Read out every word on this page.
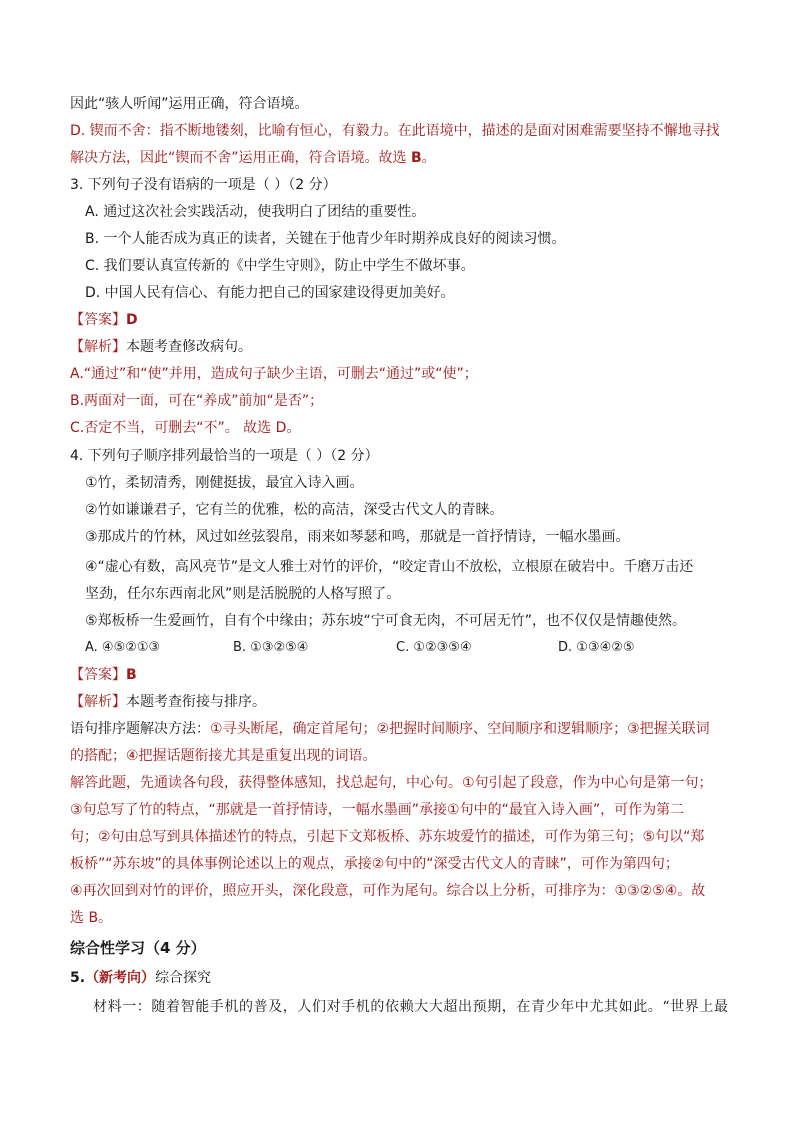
因此“骇人听闻”运用正确，符合语境。
D. 锲而不舍：指不断地镂刻，比喻有恒心，有毅力。在此语境中，描述的是面对困难需要坚持不懈地寻找
解决方法，因此“锲而不舍”运用正确，符合语境。故选 B。
3. 下列句子没有语病的一项是（ ）（2 分）
A. 通过这次社会实践活动，使我明白了团结的重要性。
B. 一个人能否成为真正的读者，关键在于他青少年时期养成良好的阅读习惯。
C. 我们要认真宣传新的《中学生守则》，防止中学生不做坏事。
D. 中国人民有信心、有能力把自己的国家建设得更加美好。
【答案】D
【解析】本题考查修改病句。
A.“通过”和“使”并用，造成句子缺少主语，可删去“通过”或“使”；
B.两面对一面，可在“养成”前加“是否”；
C.否定不当，可删去“不”。 故选 D。
4. 下列句子顺序排列最恰当的一项是（ ）（2 分）
①竹，柔韧清秀，刚健挺拔，最宜入诗入画。
②竹如谦谦君子，它有兰的优雅，松的高洁，深受古代文人的青睐。
③那成片的竹林，风过如丝弦裂帛，雨来如琴瑟和鸣，那就是一首抒情诗，一幅水墨画。
④“虚心有数，高风亮节”是文人雅士对竹的评价，“咬定青山不放松，立根原在破岩中。千磨万击还
坚劲，任尔东西南北风”则是活脱脱的人格写照了。
⑤郑板桥一生爱画竹，自有个中缘由；苏东坡“宁可食无肉，不可居无竹”，也不仅仅是情趣使然。
A. ④⑤②①③	B. ①③②⑤④	C. ①②③⑤④	D. ①③④②⑤
【答案】B
【解析】本题考查衔接与排序。
语句排序题解决方法：①寻头断尾，确定首尾句；②把握时间顺序、空间顺序和逻辑顺序；③把握关联词
的搭配；④把握话题衔接尤其是重复出现的词语。
解答此题，先通读各句段，获得整体感知，找总起句，中心句。①句引起了段意，作为中心句是第一句；
③句总写了竹的特点，“那就是一首抒情诗，一幅水墨画”承接①句中的“最宜入诗入画”，可作为第二
句；②句由总写到具体描述竹的特点，引起下文郑板桥、苏东坡爱竹的描述，可作为第三句；⑤句以“郑
板桥”“苏东坡”的具体事例论述以上的观点，承接②句中的“深受古代文人的青睐”，可作为第四句；
④再次回到对竹的评价，照应开头，深化段意，可作为尾句。综合以上分析，可排序为：①③②⑤④。故
选 B。
综合性学习（4 分）
5.（新考向）综合探究
材料一：随着智能手机的普及，人们对手机的依赖大大超出预期，在青少年中尤其如此。“世界上最
